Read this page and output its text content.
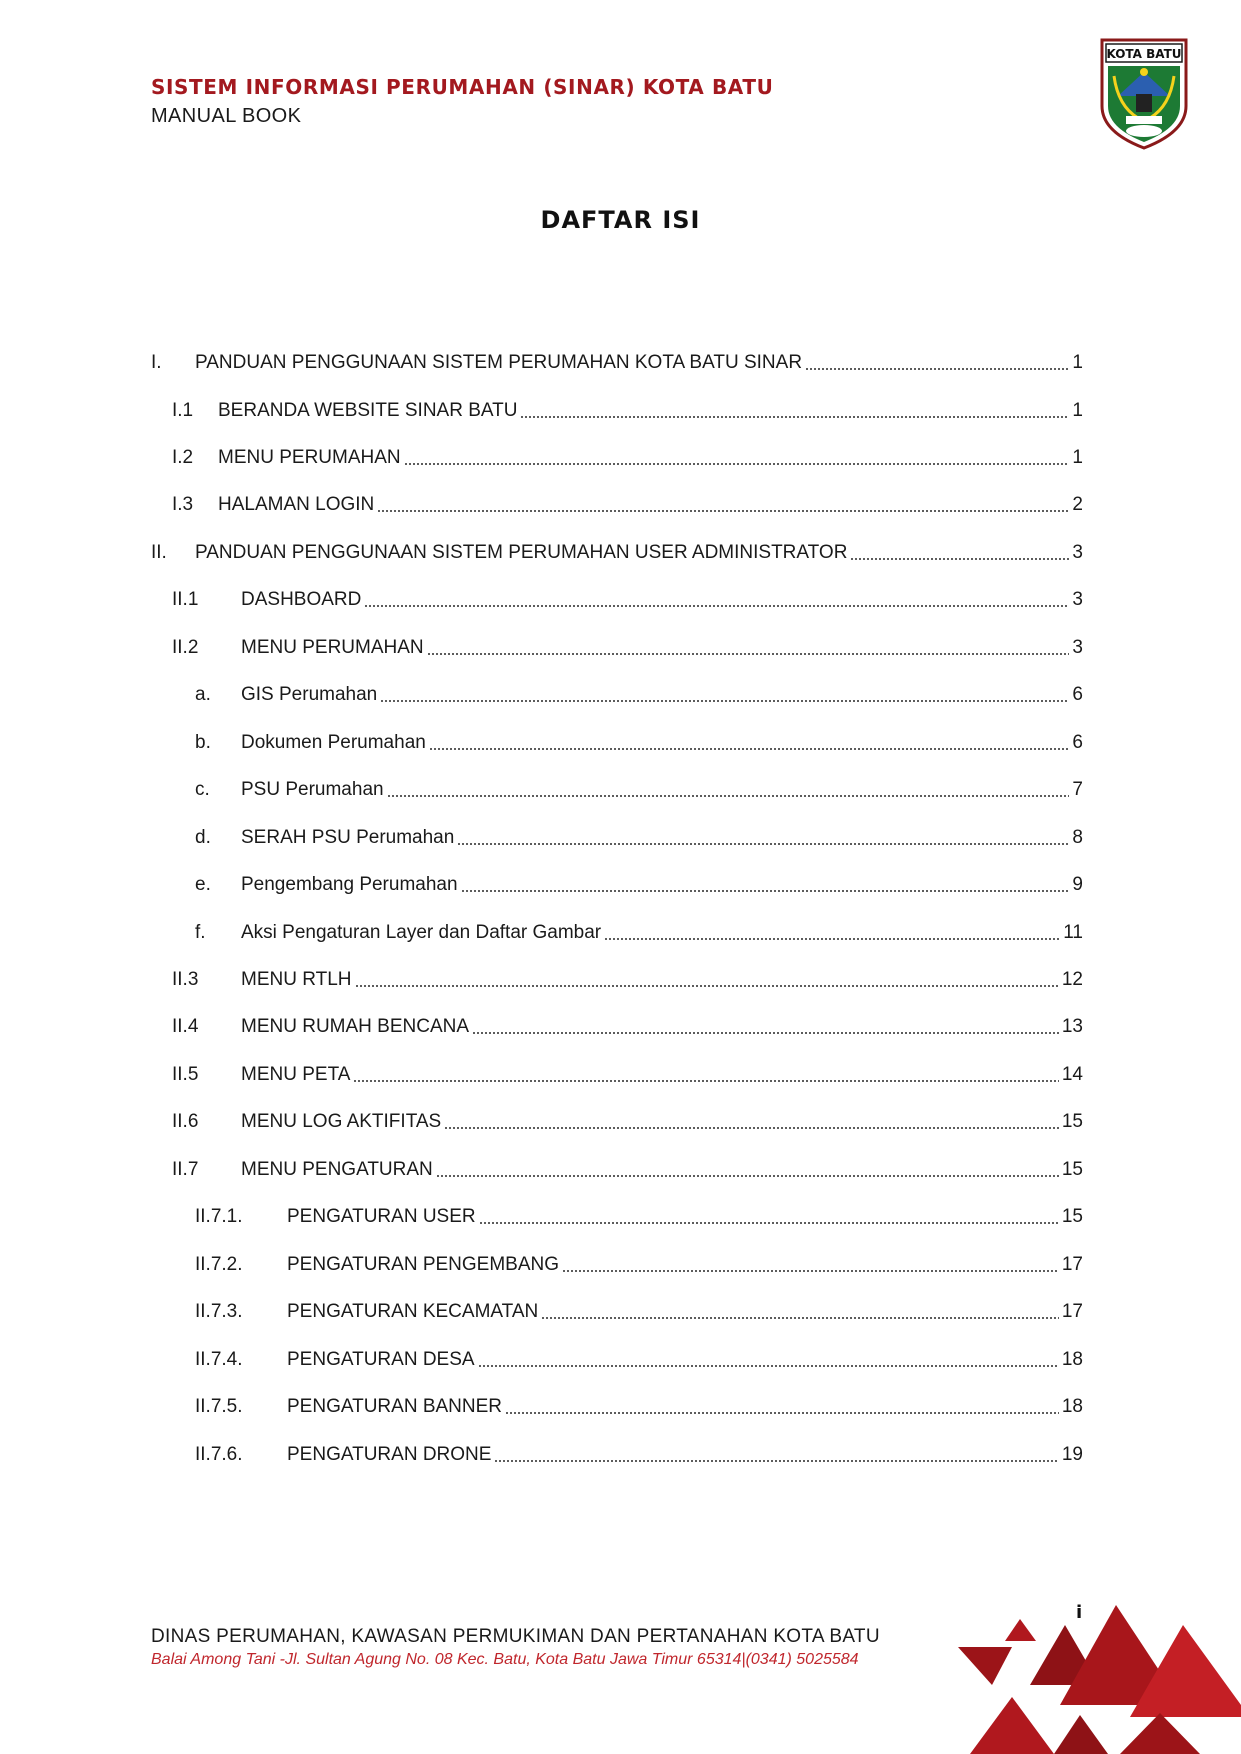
SISTEM INFORMASI PERUMAHAN (SINAR) KOTA BATU
MANUAL BOOK
KOTA BATU
DAFTAR ISI
I.	PANDUAN PENGGUNAAN SISTEM PERUMAHAN KOTA BATU SINAR	1
I.1	BERANDA WEBSITE SINAR BATU	1
I.2	MENU PERUMAHAN	1
I.3	HALAMAN LOGIN	2
II.	PANDUAN PENGGUNAAN SISTEM PERUMAHAN USER ADMINISTRATOR	3
II.1	DASHBOARD	3
II.2	MENU PERUMAHAN	3
a.	GIS Perumahan	6
b.	Dokumen Perumahan	6
c.	PSU Perumahan	7
d.	SERAH PSU Perumahan	8
e.	Pengembang Perumahan	9
f.	Aksi Pengaturan Layer dan Daftar Gambar	11
II.3	MENU RTLH	12
II.4	MENU RUMAH BENCANA	13
II.5	MENU PETA	14
II.6	MENU LOG AKTIFITAS	15
II.7	MENU PENGATURAN	15
II.7.1.	PENGATURAN USER	15
II.7.2.	PENGATURAN PENGEMBANG	17
II.7.3.	PENGATURAN KECAMATAN	17
II.7.4.	PENGATURAN DESA	18
II.7.5.	PENGATURAN BANNER	18
II.7.6.	PENGATURAN DRONE	19
i
DINAS PERUMAHAN, KAWASAN PERMUKIMAN DAN PERTANAHAN KOTA BATU
Balai Among Tani -Jl. Sultan Agung No. 08 Kec. Batu, Kota Batu Jawa Timur 65314|(0341) 5025584
